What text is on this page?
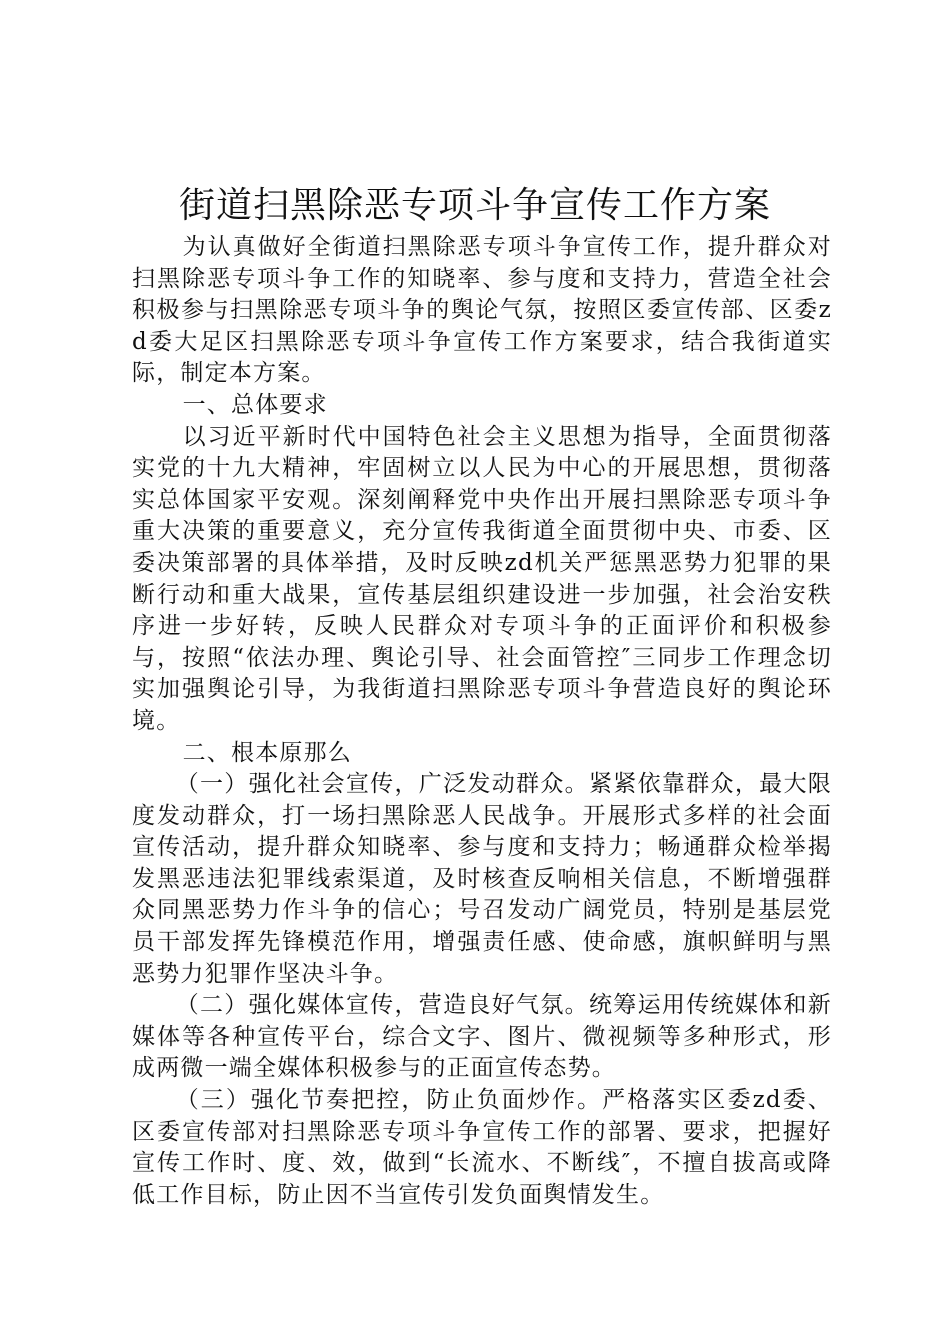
街道扫黑除恶专项斗争宣传工作方案

为认真做好全街道扫黑除恶专项斗争宣传工作，提升群众对扫黑除恶专项斗争工作的知晓率、参与度和支持力，营造全社会积极参与扫黑除恶专项斗争的舆论气氛，按照区委宣传部、区委zd委大足区扫黑除恶专项斗争宣传工作方案要求，结合我街道实际，制定本方案。

一、总体要求

以习近平新时代中国特色社会主义思想为指导，全面贯彻落实党的十九大精神，牢固树立以人民为中心的开展思想，贯彻落实总体国家平安观。深刻阐释党中央作出开展扫黑除恶专项斗争重大决策的重要意义，充分宣传我街道全面贯彻中央、市委、区委决策部署的具体举措，及时反映zd机关严惩黑恶势力犯罪的果断行动和重大战果，宣传基层组织建设进一步加强，社会治安秩序进一步好转，反映人民群众对专项斗争的正面评价和积极参与，按照“依法办理、舆论引导、社会面管控″三同步工作理念切实加强舆论引导，为我街道扫黑除恶专项斗争营造良好的舆论环境。

二、根本原那么

（一）强化社会宣传，广泛发动群众。紧紧依靠群众，最大限度发动群众，打一场扫黑除恶人民战争。开展形式多样的社会面宣传活动，提升群众知晓率、参与度和支持力；畅通群众检举揭发黑恶违法犯罪线索渠道，及时核查反响相关信息，不断增强群众同黑恶势力作斗争的信心；号召发动广阔党员，特别是基层党员干部发挥先锋模范作用，增强责任感、使命感，旗帜鲜明与黑恶势力犯罪作坚决斗争。

（二）强化媒体宣传，营造良好气氛。统筹运用传统媒体和新媒体等各种宣传平台，综合文字、图片、微视频等多种形式，形成两微一端全媒体积极参与的正面宣传态势。

（三）强化节奏把控，防止负面炒作。严格落实区委zd委、区委宣传部对扫黑除恶专项斗争宣传工作的部署、要求，把握好宣传工作时、度、效，做到“长流水、不断线″，不擅自拔高或降低工作目标，防止因不当宣传引发负面舆情发生。
